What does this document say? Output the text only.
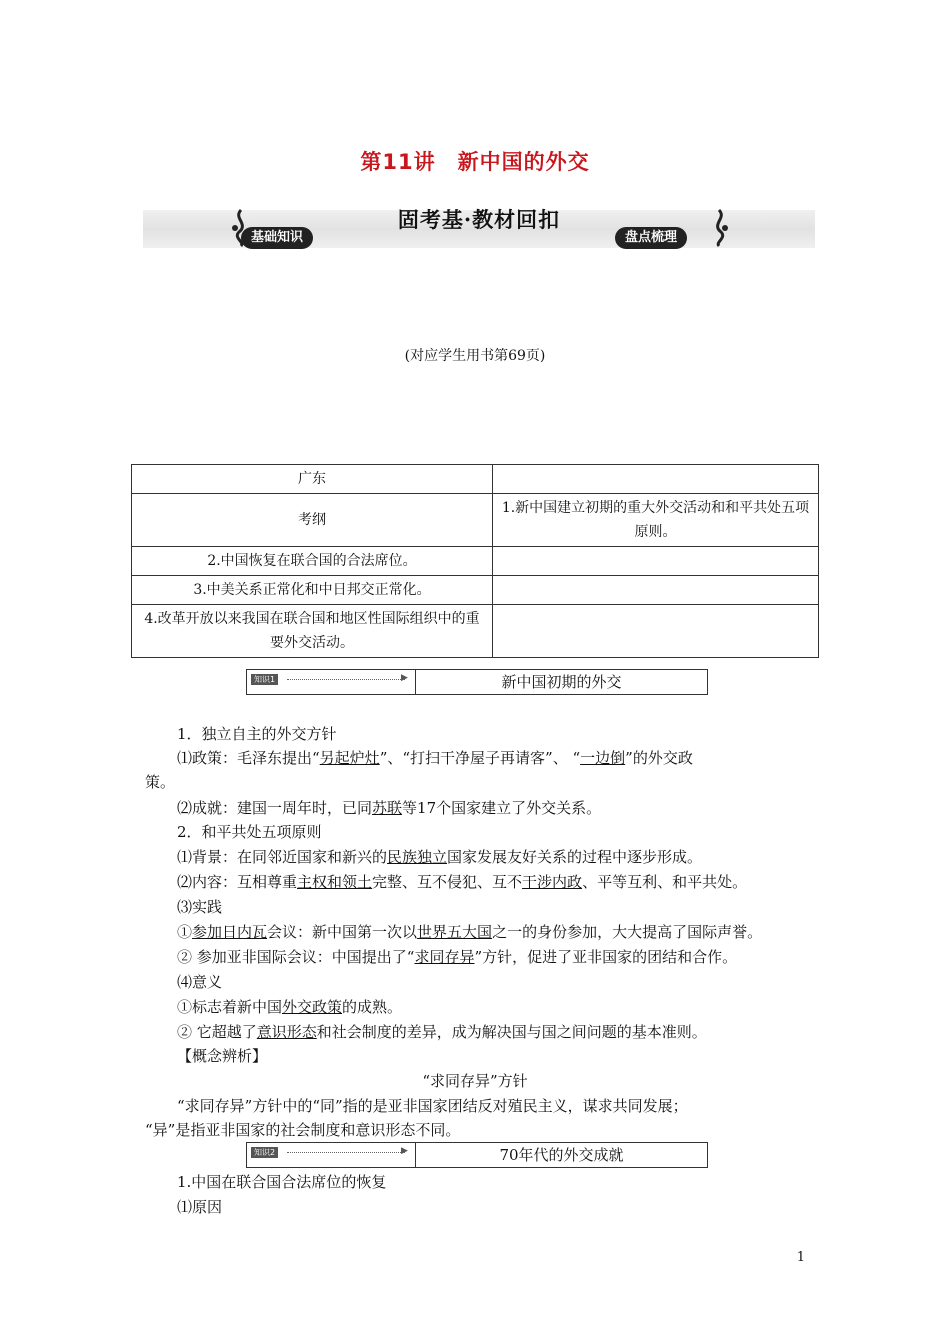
第11讲　新中国的外交
固考基·教材回扣
基础知识	盘点梳理
(对应学生用书第69页)
广东	
考纲	1.新中国建立初期的重大外交活动和和平共处五项原则。
2.中国恢复在联合国的合法席位。	
3.中美关系正常化和中日邦交正常化。	
4.改革开放以来我国在联合国和地区性国际组织中的重要外交活动。	
知识1	▶	新中国初期的外交
1．独立自主的外交方针
⑴政策：毛泽东提出“另起炉灶”、“打扫干净屋子再请客”、 “一边倒”的外交政
策。
⑵成就：建国一周年时，已同苏联等17个国家建立了外交关系。
2．和平共处五项原则
⑴背景：在同邻近国家和新兴的民族独立国家发展友好关系的过程中逐步形成。
⑵内容：互相尊重主权和领土完整、互不侵犯、互不干涉内政、平等互利、和平共处。
⑶实践
①参加日内瓦会议：新中国第一次以世界五大国之一的身份参加，大大提高了国际声誉。
② 参加亚非国际会议：中国提出了“求同存异”方针，促进了亚非国家的团结和合作。
⑷意义
①标志着新中国外交政策的成熟。
② 它超越了意识形态和社会制度的差异，成为解决国与国之间问题的基本准则。
【概念辨析】
“求同存异”方针
“求同存异”方针中的“同”指的是亚非国家团结反对殖民主义，谋求共同发展；
“异”是指亚非国家的社会制度和意识形态不同。
知识2	▶	70年代的外交成就
1.中国在联合国合法席位的恢复
⑴原因
1
